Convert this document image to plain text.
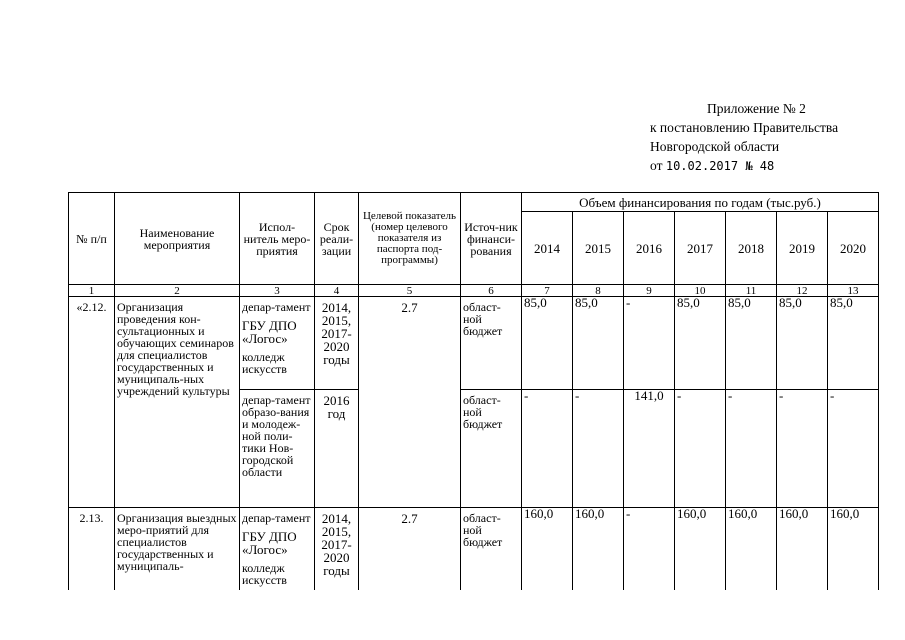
Приложение № 2
к постановлению Правительства
Новгородской области
от 10.02.2017 № 48
№ п/п	Наименование мероприятия	Испол-нитель меро-приятия	Срок реали-зации	Целевой показатель (номер целевого показателя из паспорта под-программы)	Источ-ник финанси-рования	Объем финансирования по годам (тыс.руб.)						
						2014	2015	2016	2017	2018	2019	2020
1	2	3	4	5	6	7	8	9	10	11	12	13
«2.12.	Организация проведения кон-сультационных и обучающих семинаров для специалистов государственных и муниципаль-ных учреждений культуры	депар-тамент
ГБУ ДПО «Логос»
колледж искусств	2014, 2015, 2017-2020 годы	2.7	област-ной бюджет	85,0	85,0	-	85,0	85,0	85,0	85,0
		депар-тамент образо-вания и молодеж-ной поли-тики Нов-городской области	2016 год		област-ной бюджет	-	-	141,0	-	-	-	-
2.13.	Организация выездных меро-приятий для специалистов государственных и муниципаль-	депар-тамент
ГБУ ДПО «Логос»
колледж искусств	2014, 2015, 2017-2020 годы	2.7	област-ной бюджет	160,0	160,0	-	160,0	160,0	160,0	160,0
